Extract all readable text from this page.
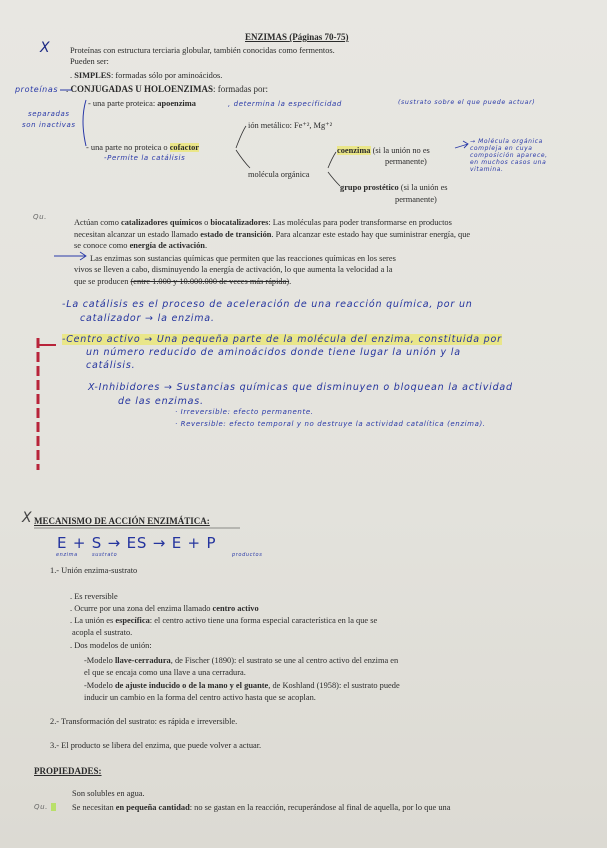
ENZIMAS (Páginas 70-75)
X Proteínas con estructura terciaria globular, también conocidas como fermentos.
Pueden ser:
. SIMPLES: formadas sólo por aminoácidos.
proteínas . CONJUGADAS U HOLOENZIMAS: formadas por:
separadas
son inactivas
- una parte proteica: apoenzima	, determina la especificidad	(sustrato sobre el que puede actuar)
ión metálico: Fe⁺², Mg⁺²
- una parte no proteica o cofactor
-Permite la catálisis
molécula orgánica
coenzima (si la unión no es
permanente)
grupo prostético (si la unión es
permanente)
→ Molécula orgánica
compleja en cuya
composición aparece,
en muchos casos una
vitamina.
Qu.
Actúan como catalizadores químicos o biocatalizadores: Las moléculas para poder transformarse en productos
necesitan alcanzar un estado llamado estado de transición. Para alcanzar este estado hay que suministrar energía, que
se conoce como energía de activación.
Las enzimas son sustancias químicas que permiten que las reacciones químicas en los seres
vivos se lleven a cabo, disminuyendo la energía de activación, lo que aumenta la velocidad a la
que se producen (entre 1.000 y 10.000.000 de veces más rápida).
-La catálisis es el proceso de aceleración de una reacción química, por un
catalizador → la enzima.
-Centro activo → Una pequeña parte de la molécula del enzima, constituida por
un número reducido de aminoácidos donde tiene lugar la unión y la
catálisis.
X-Inhibidores → Sustancias químicas que disminuyen o bloquean la actividad
de las enzimas.
· Irreversible: efecto permanente.
· Reversible: efecto temporal y no destruye la actividad catalítica (enzima).
X MECANISMO DE ACCIÓN ENZIMÁTICA:
E + S → ES → E + P
enzima	sustrato	productos
1.- Unión enzima-sustrato
. Es reversible
. Ocurre por una zona del enzima llamado centro activo
. La unión es específica: el centro activo tiene una forma especial característica en la que se
acopla el sustrato.
. Dos modelos de unión:
-Modelo llave-cerradura, de Fischer (1890): el sustrato se une al centro activo del enzima en
el que se encaja como una llave a una cerradura.
-Modelo de ajuste inducido o de la mano y el guante, de Koshland (1958): el sustrato puede
inducir un cambio en la forma del centro activo hasta que se acoplan.
2.- Transformación del sustrato: es rápida e irreversible.
3.- El producto se libera del enzima, que puede volver a actuar.
PROPIEDADES:
Son solubles en agua.
Qu.	Se necesitan en pequeña cantidad: no se gastan en la reacción, recuperándose al final de aquella, por lo que una
